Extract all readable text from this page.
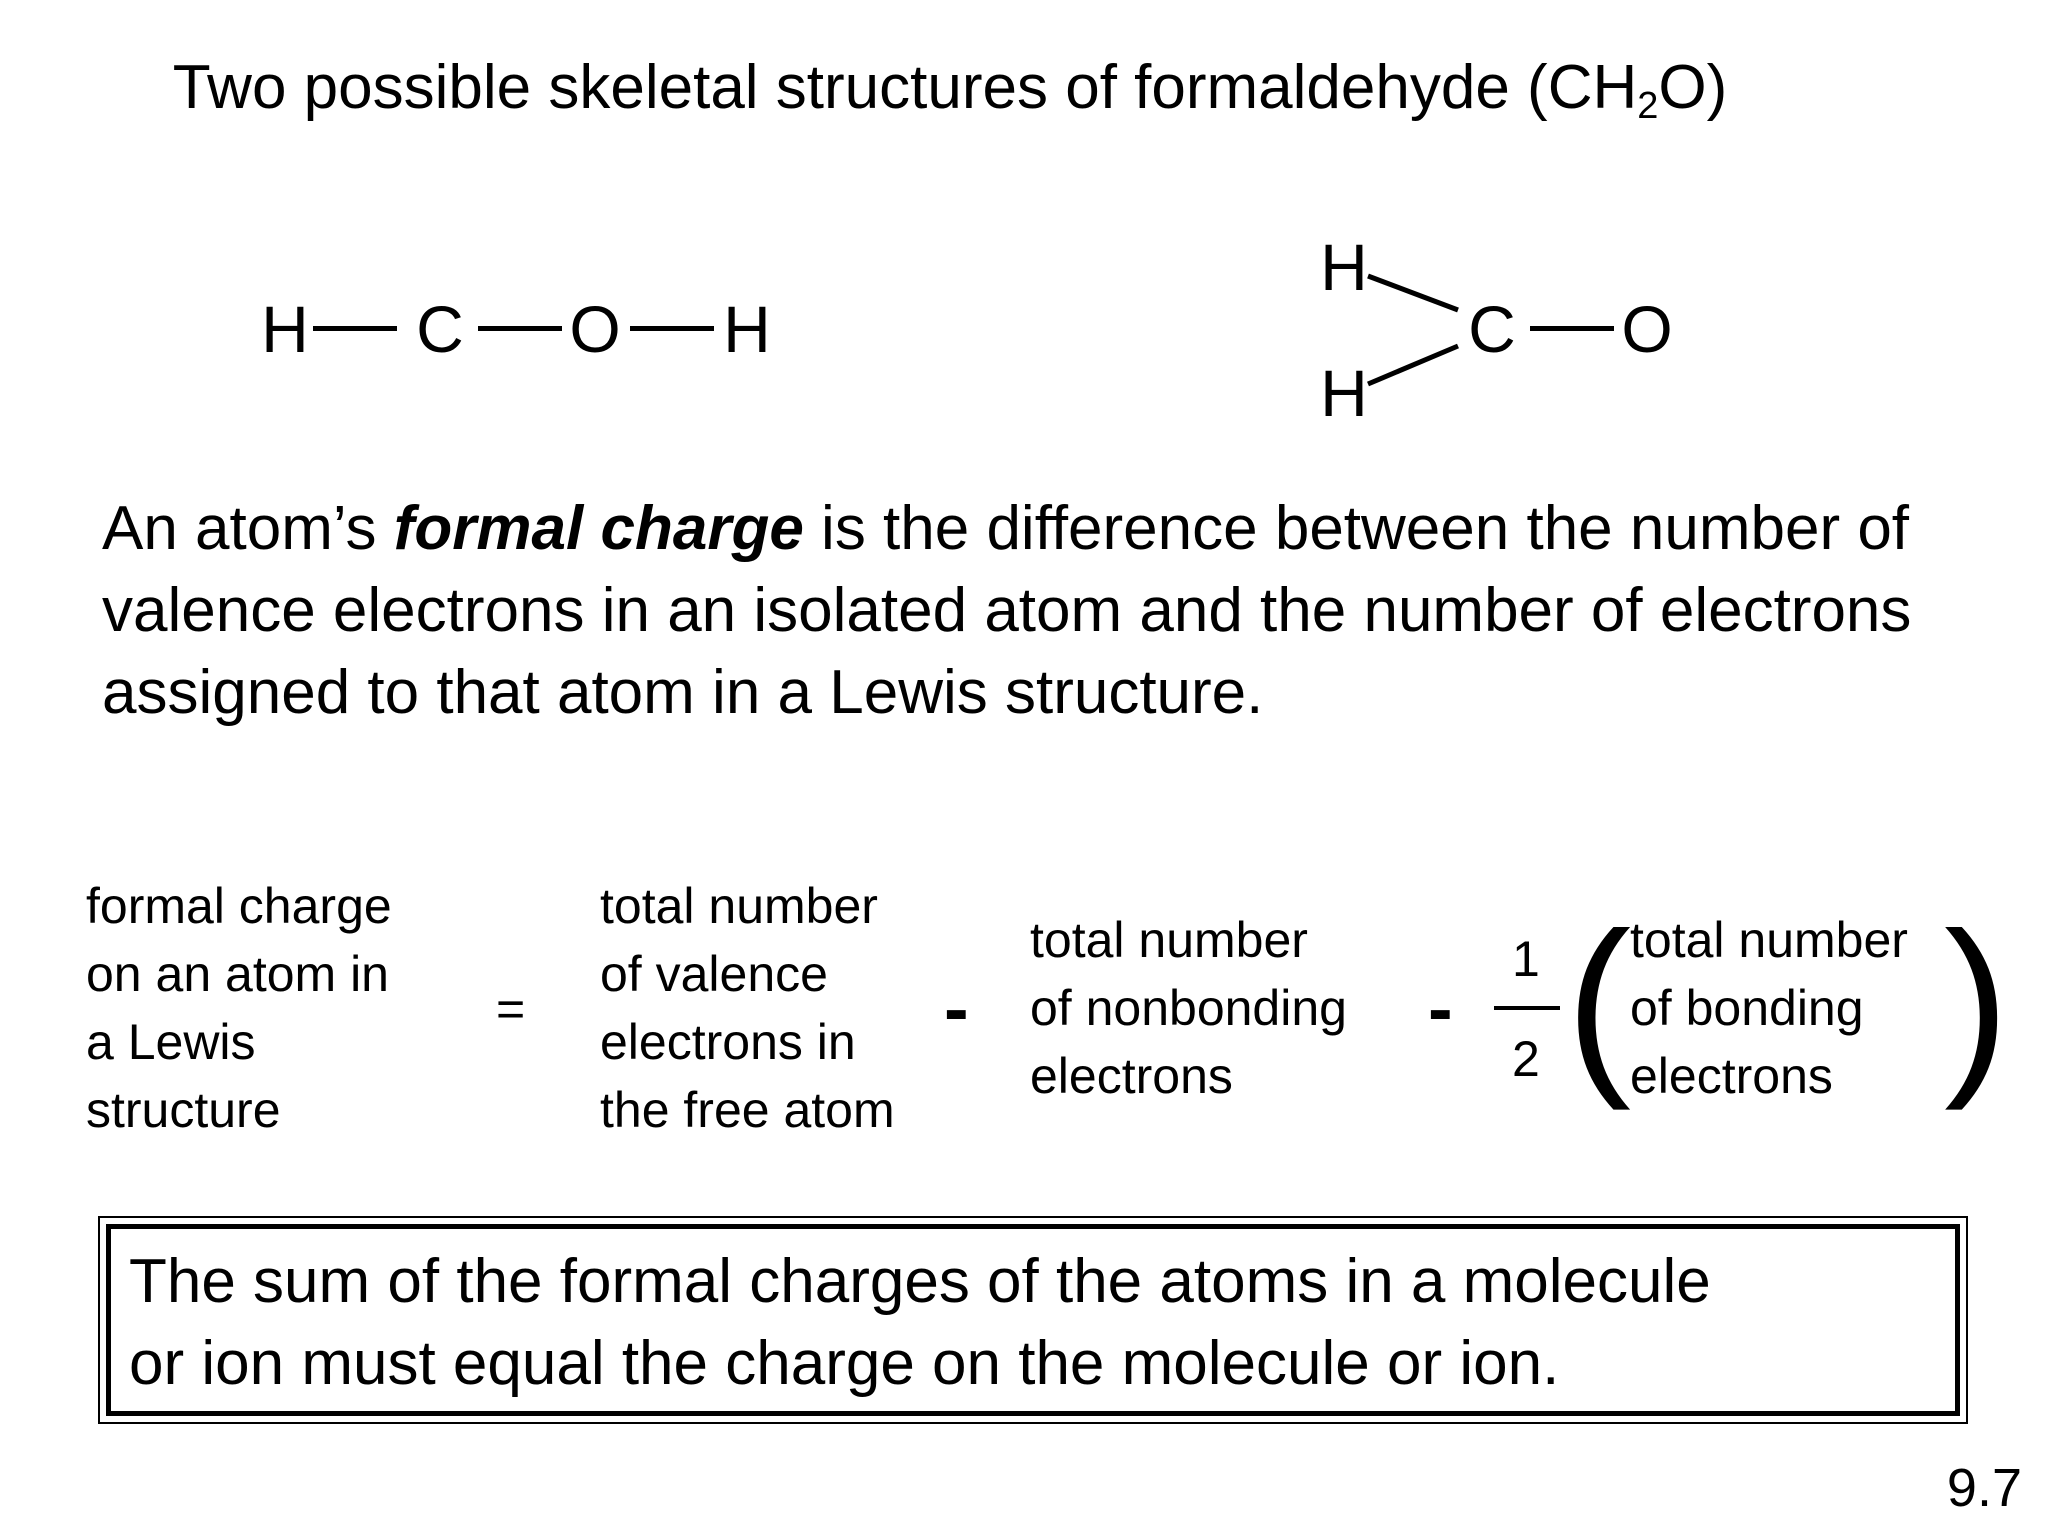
Two possible skeletal structures of formaldehyde $(CH_2O)$
H C O H
H
H
C O
An atom’s formal charge is the difference between the number of valence electrons in an isolated atom and the number of electrons assigned to that atom in a Lewis structure.
formal charge
on an atom in
a Lewis
structure
=
total number
of valence
electrons in
the free atom
-
total number
of nonbonding
electrons
-
1
2 (
total number
of bonding
electrons )
The sum of the formal charges of the atoms in a molecule
or ion must equal the charge on the molecule or ion.
9.7
